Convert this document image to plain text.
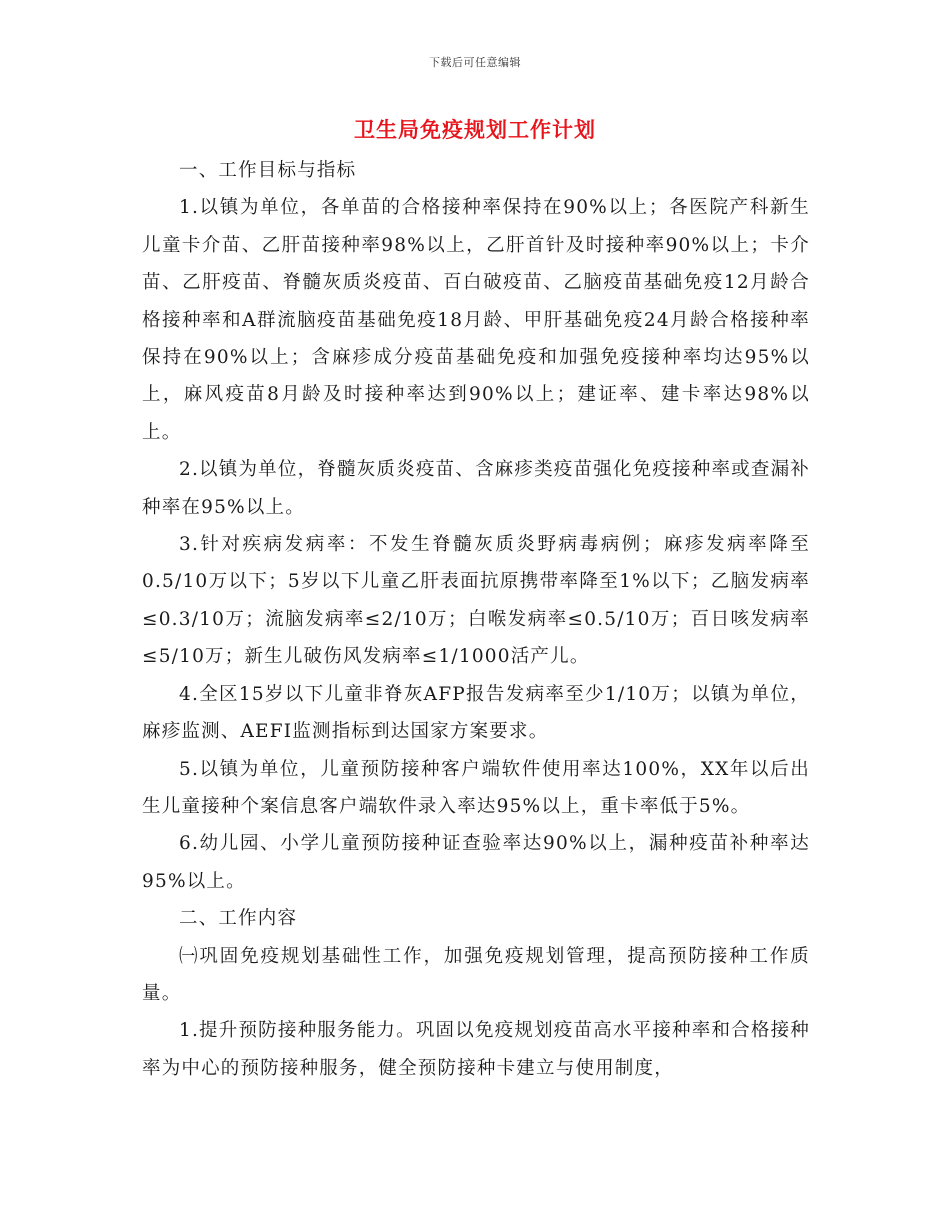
下载后可任意编辑
卫生局免疫规划工作计划

一、工作目标与指标

1.以镇为单位，各单苗的合格接种率保持在90%以上；各医院产科新生儿童卡介苗、乙肝苗接种率98%以上，乙肝首针及时接种率90%以上；卡介苗、乙肝疫苗、脊髓灰质炎疫苗、百白破疫苗、乙脑疫苗基础免疫12月龄合格接种率和A群流脑疫苗基础免疫18月龄、甲肝基础免疫24月龄合格接种率保持在90%以上；含麻疹成分疫苗基础免疫和加强免疫接种率均达95%以上，麻风疫苗8月龄及时接种率达到90%以上；建证率、建卡率达98%以上。

2.以镇为单位，脊髓灰质炎疫苗、含麻疹类疫苗强化免疫接种率或查漏补种率在95%以上。

3.针对疾病发病率：不发生脊髓灰质炎野病毒病例；麻疹发病率降至0.5/10万以下；5岁以下儿童乙肝表面抗原携带率降至1%以下；乙脑发病率≤0.3/10万；流脑发病率≤2/10万；白喉发病率≤0.5/10万；百日咳发病率≤5/10万；新生儿破伤风发病率≤1/1000活产儿。

4.全区15岁以下儿童非脊灰AFP报告发病率至少1/10万；以镇为单位，麻疹监测、AEFI监测指标到达国家方案要求。

5.以镇为单位，儿童预防接种客户端软件使用率达100%，XX年以后出生儿童接种个案信息客户端软件录入率达95%以上，重卡率低于5%。

6.幼儿园、小学儿童预防接种证查验率达90%以上，漏种疫苗补种率达95%以上。

二、工作内容

㈠巩固免疫规划基础性工作，加强免疫规划管理，提高预防接种工作质量。

1.提升预防接种服务能力。巩固以免疫规划疫苗高水平接种率和合格接种率为中心的预防接种服务，健全预防接种卡建立与使用制度，
